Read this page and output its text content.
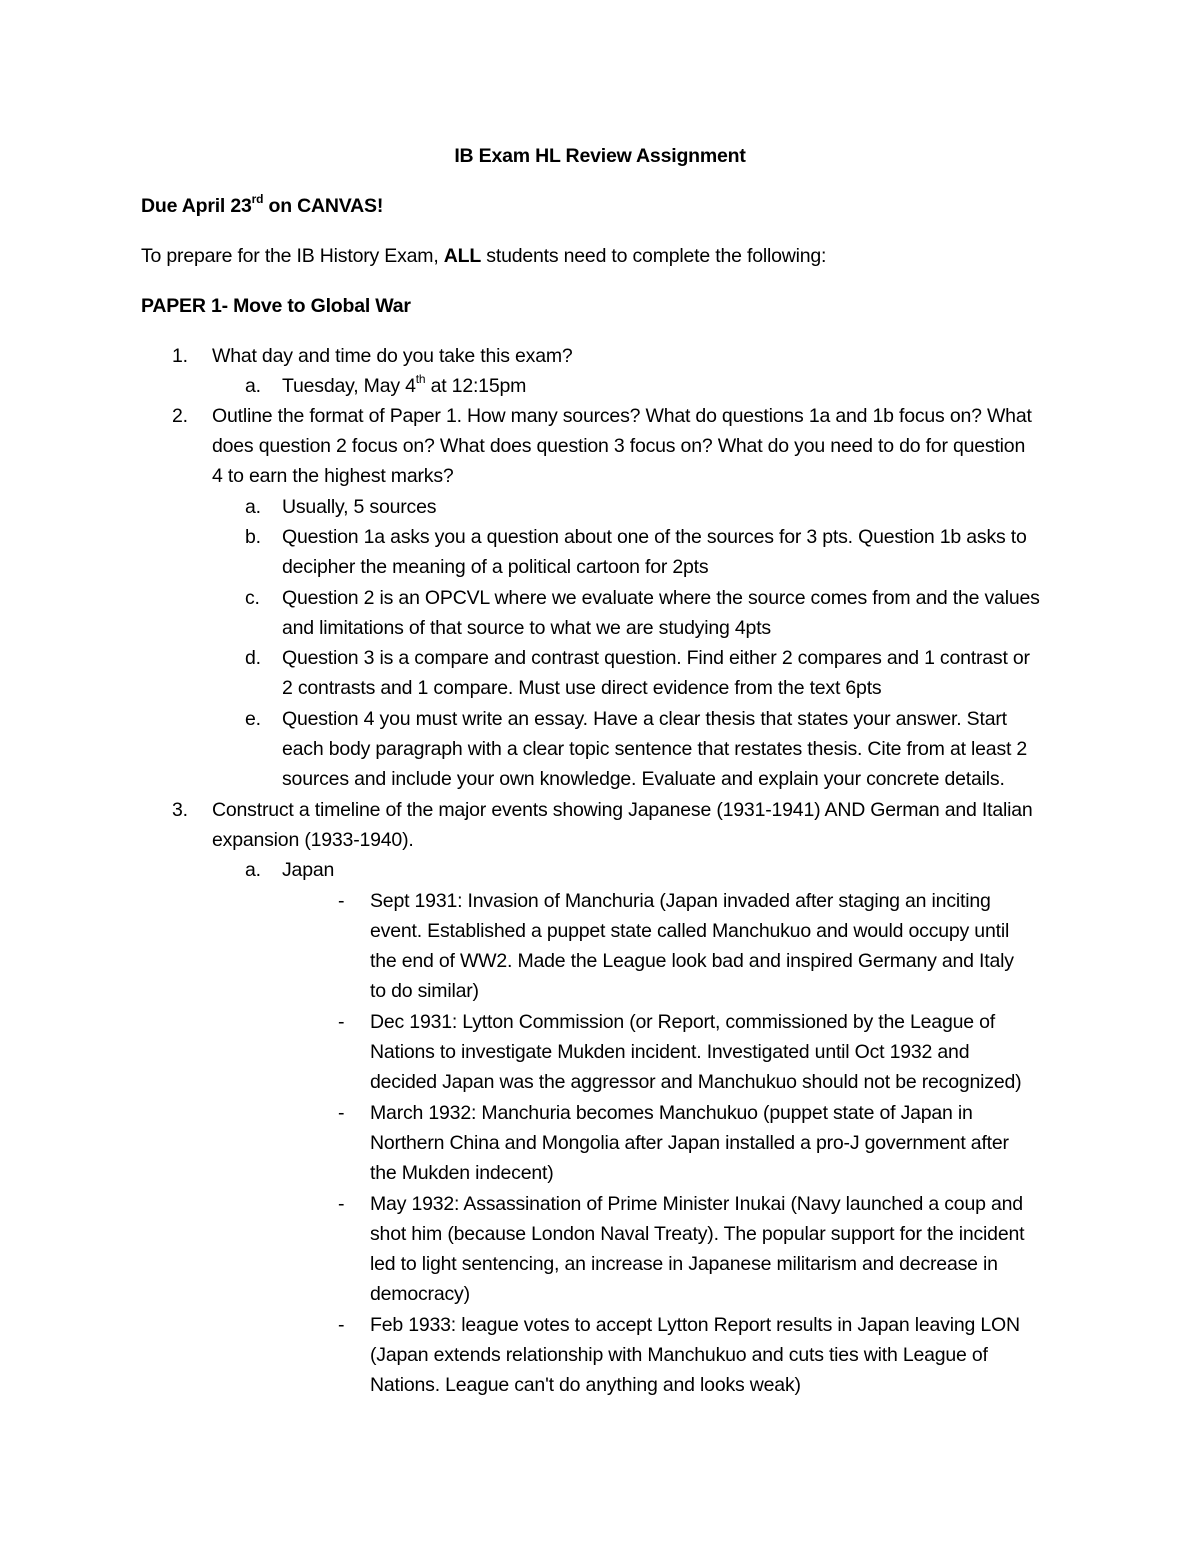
IB Exam HL Review Assignment
Due April 23rd on CANVAS!
To prepare for the IB History Exam, ALL students need to complete the following:
PAPER 1- Move to Global War
1. What day and time do you take this exam?
a. Tuesday, May 4th at 12:15pm
2. Outline the format of Paper 1. How many sources? What do questions 1a and 1b focus on? What
does question 2 focus on? What does question 3 focus on? What do you need to do for question
4 to earn the highest marks?
a. Usually, 5 sources
b. Question 1a asks you a question about one of the sources for 3 pts. Question 1b asks to
decipher the meaning of a political cartoon for 2pts
c. Question 2 is an OPCVL where we evaluate where the source comes from and the values
and limitations of that source to what we are studying 4pts
d. Question 3 is a compare and contrast question. Find either 2 compares and 1 contrast or
2 contrasts and 1 compare. Must use direct evidence from the text 6pts
e. Question 4 you must write an essay. Have a clear thesis that states your answer. Start
each body paragraph with a clear topic sentence that restates thesis. Cite from at least 2
sources and include your own knowledge. Evaluate and explain your concrete details.
3. Construct a timeline of the major events showing Japanese (1931-1941) AND German and Italian
expansion (1933-1940).
a. Japan
- Sept 1931: Invasion of Manchuria (Japan invaded after staging an inciting
event. Established a puppet state called Manchukuo and would occupy until
the end of WW2. Made the League look bad and inspired Germany and Italy
to do similar)
- Dec 1931: Lytton Commission (or Report, commissioned by the League of
Nations to investigate Mukden incident. Investigated until Oct 1932 and
decided Japan was the aggressor and Manchukuo should not be recognized)
- March 1932: Manchuria becomes Manchukuo (puppet state of Japan in
Northern China and Mongolia after Japan installed a pro-J government after
the Mukden indecent)
- May 1932: Assassination of Prime Minister Inukai (Navy launched a coup and
shot him (because London Naval Treaty). The popular support for the incident
led to light sentencing, an increase in Japanese militarism and decrease in
democracy)
- Feb 1933: league votes to accept Lytton Report results in Japan leaving LON
(Japan extends relationship with Manchukuo and cuts ties with League of
Nations. League can't do anything and looks weak)
